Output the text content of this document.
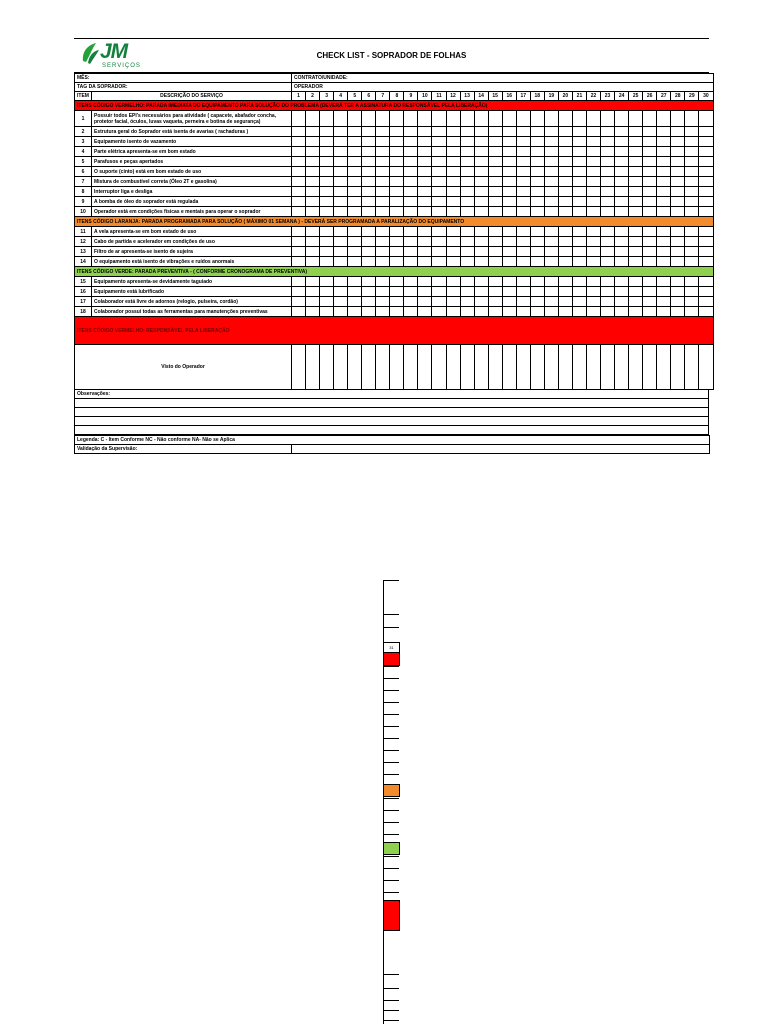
JM
SERVIÇOS
CHECK LIST - SOPRADOR DE FOLHAS
MÊS:		CONTRATO/UNIDADE:																													
TAG DA SOPRADOR:		OPERADOR																													
ITEM	DESCRIÇÃO DO SERVIÇO	1	2	3	4	5	6	7	8	9	10	11	12	13	14	15	16	17	18	19	20	21	22	23	24	25	26	27	28	29	30
ITENS CÓDIGO VERMELHO: PARADA IMEDIATA DO EQUIPAMENTO PARA SOLUÇÃO DO PROBLEMA (DEVERÁ TER A ASSINATURA DO RESPONSÁVEL PELA LIBERAÇÃO)																															
1	Possuir todos EPI's necessários para atividade ( capacete, abafador concha, protetor facial, óculos, luvas vaqueta, perneira e botina de segurança)																														
2	Estrutura geral do Soprador está isenta de avarias ( rachaduras )																														
3	Equipamento isento de vazamento																														
4	Parte elétrica apresenta-se em bom estado																														
5	Parafusos e peças apertados																														
6	O suporte (cinto) está em bom estado de uso																														
7	Mistura de combustível correta (Óleo 2T e gasolina)																														
8	Interruptor liga e desliga																														
9	A bomba de óleo do soprador está regulada																														
10	Operador está em condições físicas e mentais para operar o soprador																														
ITENS CÓDIGO LARANJA: PARADA PROGRAMADA PARA SOLUÇÃO ( MÁXIMO 01 SEMANA ) - DEVERÁ SER PROGRAMADA A PARALIZAÇÃO DO EQUIPAMENTO																															
11	A vela apresenta-se em bom estado de uso																														
12	Cabo de partida e acelerador em condições de uso																														
13	Filtro de ar apresenta-se isento de sujeira																														
14	O equipamento está isento de vibrações e ruídos anormais																														
ITENS CÓDIGO VERDE: PARADA PREVENTIVA - ( CONFORME CRONOGRAMA DE PREVENTIVA)																															
15	Equipamento apresenta-se devidamente taguiado																														
16	Equipamento está lubrificado																														
17	Colaborador está livre de adornos (relogio, pulseira, cordão)																														
18	Colaborador possui todas as ferramentas para manutenções preventivas																														
ITENS CÓDIGO VERMELHO: RESPONSÁVEL PELA LIBERAÇÃO																															
Visto do Operador																															
Observações:
Legenda: C - Item Conforme NC - Não conforme NA- Não se Aplica
Validação da Supervisão:	
31
